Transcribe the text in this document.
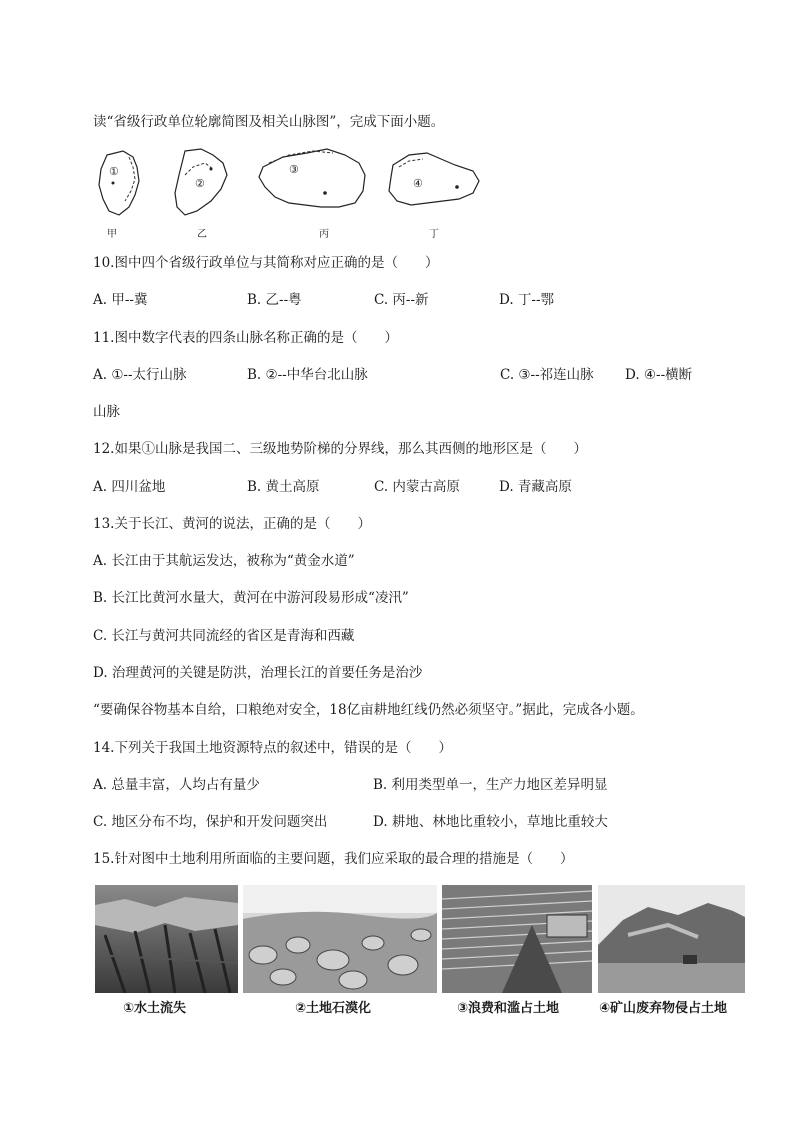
读“省级行政单位轮廓简图及相关山脉图”，完成下面小题。
①
②
③
④
甲	乙	丙	丁
10.图中四个省级行政单位与其简称对应正确的是（　　）
A. 甲--冀	B. 乙--粤	C. 丙--新	D. 丁--鄂
11.图中数字代表的四条山脉名称正确的是（　　）
A. ①--太行山脉	B. ②--中华台北山脉	C. ③--祁连山脉 D. ④--横断
山脉
12.如果①山脉是我国二、三级地势阶梯的分界线，那么其西侧的地形区是（　　）
A. 四川盆地	B. 黄土高原	C. 内蒙古高原	D. 青藏高原
13.关于长江、黄河的说法，正确的是（　　）
A. 长江由于其航运发达，被称为“黄金水道”
B. 长江比黄河水量大，黄河在中游河段易形成“凌汛”
C. 长江与黄河共同流经的省区是青海和西藏
D. 治理黄河的关键是防洪，治理长江的首要任务是治沙
“要确保谷物基本自给，口粮绝对安全，18亿亩耕地红线仍然必须坚守。”据此，完成各小题。
14.下列关于我国土地资源特点的叙述中，错误的是（　　）
A. 总量丰富，人均占有量少	B. 利用类型单一，生产力地区差异明显
C. 地区分布不均，保护和开发问题突出	D. 耕地、林地比重较小，草地比重较大
15.针对图中土地利用所面临的主要问题，我们应采取的最合理的措施是（　　）
①水土流失	②土地石漠化	③浪费和滥占土地	④矿山废弃物侵占土地
